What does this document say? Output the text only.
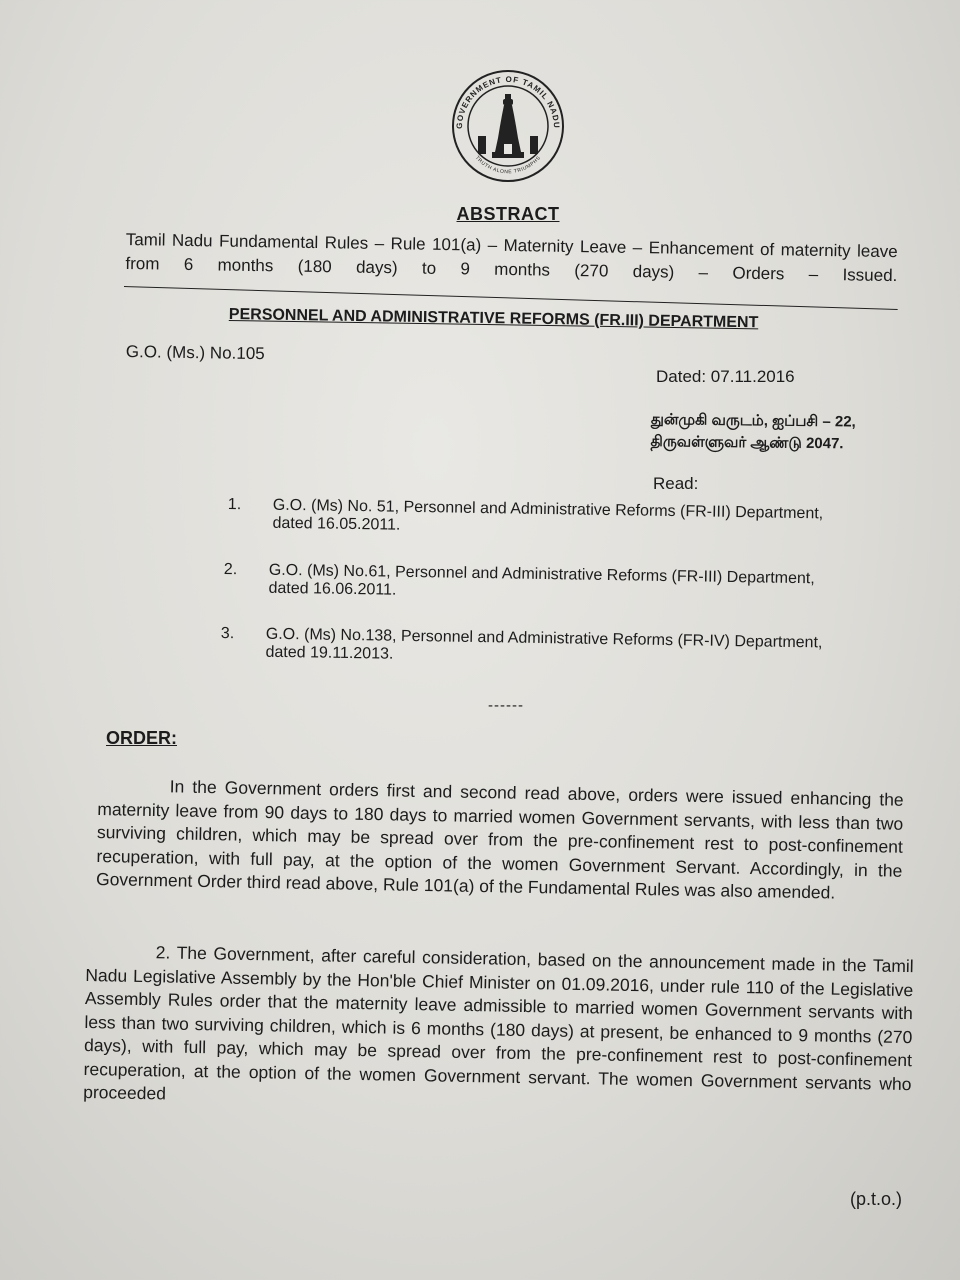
GOVERNMENT OF TAMIL NADU
TRUTH ALONE TRIUMPHS
ABSTRACT
Tamil Nadu Fundamental Rules – Rule 101(a) – Maternity Leave – Enhancement of maternity leave from 6 months (180 days) to 9 months (270 days) – Orders – Issued.
PERSONNEL AND ADMINISTRATIVE REFORMS (FR.III) DEPARTMENT
G.O. (Ms.) No.105
Dated: 07.11.2016
துன்முகி வருடம், ஐப்பசி – 22,
திருவள்ளுவர் ஆண்டு 2047.
Read:
1.	G.O. (Ms) No. 51, Personnel and Administrative Reforms (FR-III) Department, dated 16.05.2011.
2.	G.O. (Ms) No.61, Personnel and Administrative Reforms (FR-III) Department, dated 16.06.2011.
3.	G.O. (Ms) No.138, Personnel and Administrative Reforms (FR-IV) Department, dated 19.11.2013.
------
ORDER:
In the Government orders first and second read above, orders were issued enhancing the maternity leave from 90 days to 180 days to married women Government servants, with less than two surviving children, which may be spread over from the pre-confinement rest to post-confinement recuperation, with full pay, at the option of the women Government Servant. Accordingly, in the Government Order third read above, Rule 101(a) of the Fundamental Rules was also amended.
2. The Government, after careful consideration, based on the announcement made in the Tamil Nadu Legislative Assembly by the Hon'ble Chief Minister on 01.09.2016, under rule 110 of the Legislative Assembly Rules order that the maternity leave admissible to married women Government servants with less than two surviving children, which is 6 months (180 days) at present, be enhanced to 9 months (270 days), with full pay, which may be spread over from the pre-confinement rest to post-confinement recuperation, at the option of the women Government servant. The women Government servants who proceeded
(p.t.o.)
